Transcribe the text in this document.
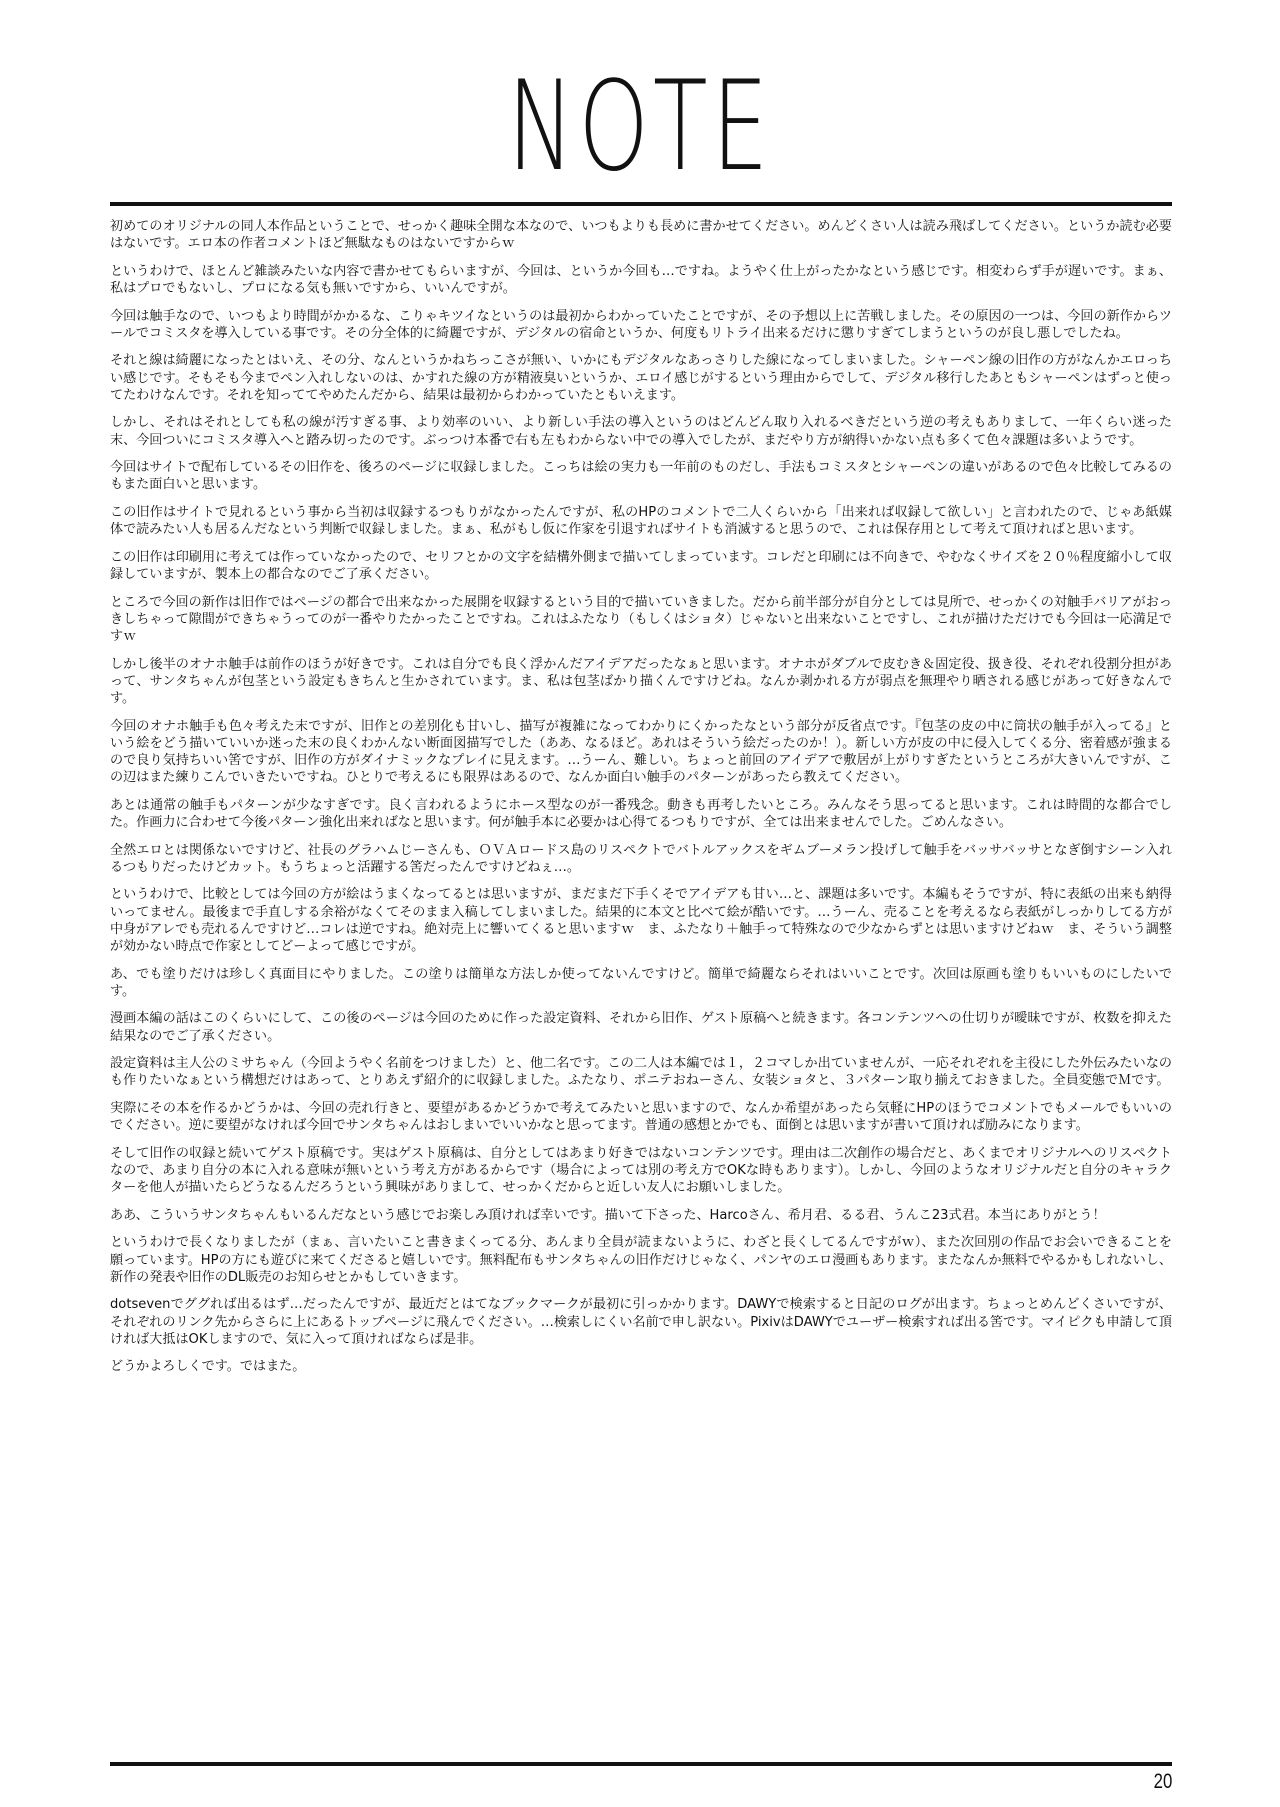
NOTE

初めてのオリジナルの同人本作品ということで、せっかく趣味全開な本なので、いつもよりも長めに書かせてください。めんどくさい人は読み飛ばしてください。というか読む必要はないです。エロ本の作者コメントほど無駄なものはないですからｗ

というわけで、ほとんど雑談みたいな内容で書かせてもらいますが、今回は、というか今回も…ですね。ようやく仕上がったかなという感じです。相変わらず手が遅いです。まぁ、私はプロでもないし、プロになる気も無いですから、いいんですが。

今回は触手なので、いつもより時間がかかるな、こりゃキツイなというのは最初からわかっていたことですが、その予想以上に苦戦しました。その原因の一つは、今回の新作からツールでコミスタを導入している事です。その分全体的に綺麗ですが、デジタルの宿命というか、何度もリトライ出来るだけに懲りすぎてしまうというのが良し悪しでしたね。

それと線は綺麗になったとはいえ、その分、なんというかねちっこさが無い、いかにもデジタルなあっさりした線になってしまいました。シャーペン線の旧作の方がなんかエロっちい感じです。そもそも今までペン入れしないのは、かすれた線の方が精液臭いというか、エロイ感じがするという理由からでして、デジタル移行したあともシャーペンはずっと使ってたわけなんです。それを知っててやめたんだから、結果は最初からわかっていたともいえます。

しかし、それはそれとしても私の線が汚すぎる事、より効率のいい、より新しい手法の導入というのはどんどん取り入れるべきだという逆の考えもありまして、一年くらい迷った末、今回ついにコミスタ導入へと踏み切ったのです。ぶっつけ本番で右も左もわからない中での導入でしたが、まだやり方が納得いかない点も多くて色々課題は多いようです。

今回はサイトで配布しているその旧作を、後ろのページに収録しました。こっちは絵の実力も一年前のものだし、手法もコミスタとシャーペンの違いがあるので色々比較してみるのもまた面白いと思います。

この旧作はサイトで見れるという事から当初は収録するつもりがなかったんですが、私のHPのコメントで二人くらいから「出来れば収録して欲しい」と言われたので、じゃあ紙媒体で読みたい人も居るんだなという判断で収録しました。まぁ、私がもし仮に作家を引退すればサイトも消滅すると思うので、これは保存用として考えて頂ければと思います。

この旧作は印刷用に考えては作っていなかったので、セリフとかの文字を結構外側まで描いてしまっています。コレだと印刷には不向きで、やむなくサイズを２０％程度縮小して収録していますが、製本上の都合なのでご了承ください。

ところで今回の新作は旧作ではページの都合で出来なかった展開を収録するという目的で描いていきました。だから前半部分が自分としては見所で、せっかくの対触手バリアがおっきしちゃって隙間ができちゃうってのが一番やりたかったことですね。これはふたなり（もしくはショタ）じゃないと出来ないことですし、これが描けただけでも今回は一応満足ですｗ

しかし後半のオナホ触手は前作のほうが好きです。これは自分でも良く浮かんだアイデアだったなぁと思います。オナホがダブルで皮むき＆固定役、扱き役、それぞれ役割分担があって、サンタちゃんが包茎という設定もきちんと生かされています。ま、私は包茎ばかり描くんですけどね。なんか剥かれる方が弱点を無理やり晒される感じがあって好きなんです。

今回のオナホ触手も色々考えた末ですが、旧作との差別化も甘いし、描写が複雑になってわかりにくかったなという部分が反省点です。『包茎の皮の中に筒状の触手が入ってる』という絵をどう描いていいか迷った末の良くわかんない断面図描写でした（ああ、なるほど。あれはそういう絵だったのか！）。新しい方が皮の中に侵入してくる分、密着感が強まるので良り気持ちいい筈ですが、旧作の方がダイナミックなプレイに見えます。…うーん、難しい。ちょっと前回のアイデアで敷居が上がりすぎたというところが大きいんですが、この辺はまた練りこんでいきたいですね。ひとりで考えるにも限界はあるので、なんか面白い触手のパターンがあったら教えてください。

あとは通常の触手もパターンが少なすぎです。良く言われるようにホース型なのが一番残念。動きも再考したいところ。みんなそう思ってると思います。これは時間的な都合でした。作画力に合わせて今後パターン強化出来ればなと思います。何が触手本に必要かは心得てるつもりですが、全ては出来ませんでした。ごめんなさい。

全然エロとは関係ないですけど、社長のグラハムじーさんも、ＯＶＡロードス島のリスペクトでバトルアックスをギムブーメラン投げして触手をバッサバッサとなぎ倒すシーン入れるつもりだったけどカット。もうちょっと活躍する筈だったんですけどねぇ…。

というわけで、比較としては今回の方が絵はうまくなってるとは思いますが、まだまだ下手くそでアイデアも甘い…と、課題は多いです。本編もそうですが、特に表紙の出来も納得いってません。最後まで手直しする余裕がなくてそのまま入稿してしまいました。結果的に本文と比べて絵が酷いです。…うーん、売ることを考えるなら表紙がしっかりしてる方が中身がアレでも売れるんですけど…コレは逆ですね。絶対売上に響いてくると思いますｗ　ま、ふたなり＋触手って特殊なので少なからずとは思いますけどねｗ　ま、そういう調整が効かない時点で作家としてどーよって感じですが。

あ、でも塗りだけは珍しく真面目にやりました。この塗りは簡単な方法しか使ってないんですけど。簡単で綺麗ならそれはいいことです。次回は原画も塗りもいいものにしたいです。

漫画本編の話はこのくらいにして、この後のページは今回のために作った設定資料、それから旧作、ゲスト原稿へと続きます。各コンテンツへの仕切りが曖昧ですが、枚数を抑えた結果なのでご了承ください。

設定資料は主人公のミサちゃん（今回ようやく名前をつけました）と、他二名です。この二人は本編では１，２コマしか出ていませんが、一応それぞれを主役にした外伝みたいなのも作りたいなぁという構想だけはあって、とりあえず紹介的に収録しました。ふたなり、ポニテおねーさん、女装ショタと、３パターン取り揃えておきました。全員変態でＭです。

実際にその本を作るかどうかは、今回の売れ行きと、要望があるかどうかで考えてみたいと思いますので、なんか希望があったら気軽にHPのほうでコメントでもメールでもいいのでください。逆に要望がなければ今回でサンタちゃんはおしまいでいいかなと思ってます。普通の感想とかでも、面倒とは思いますが書いて頂ければ励みになります。

そして旧作の収録と続いてゲスト原稿です。実はゲスト原稿は、自分としてはあまり好きではないコンテンツです。理由は二次創作の場合だと、あくまでオリジナルへのリスペクトなので、あまり自分の本に入れる意味が無いという考え方があるからです（場合によっては別の考え方でOKな時もあります）。しかし、今回のようなオリジナルだと自分のキャラクターを他人が描いたらどうなるんだろうという興味がありまして、せっかくだからと近しい友人にお願いしました。

ああ、こういうサンタちゃんもいるんだなという感じでお楽しみ頂ければ幸いです。描いて下さった、Harcoさん、希月君、るる君、うんこ23式君。本当にありがとう！

というわけで長くなりましたが（まぁ、言いたいこと書きまくってる分、あんまり全員が読まないように、わざと長くしてるんですがｗ）、また次回別の作品でお会いできることを願っています。HPの方にも遊びに来てくださると嬉しいです。無料配布もサンタちゃんの旧作だけじゃなく、パンヤのエロ漫画もあります。またなんか無料でやるかもしれないし、新作の発表や旧作のDL販売のお知らせとかもしていきます。

dotsevenでググれば出るはず…だったんですが、最近だとはてなブックマークが最初に引っかかります。DAWYで検索すると日記のログが出ます。ちょっとめんどくさいですが、それぞれのリンク先からさらに上にあるトップページに飛んでください。…検索しにくい名前で申し訳ない。PixivはDAWYでユーザー検索すれば出る筈です。マイピクも申請して頂ければ大抵はOKしますので、気に入って頂ければならば是非。

どうかよろしくです。ではまた。

20
